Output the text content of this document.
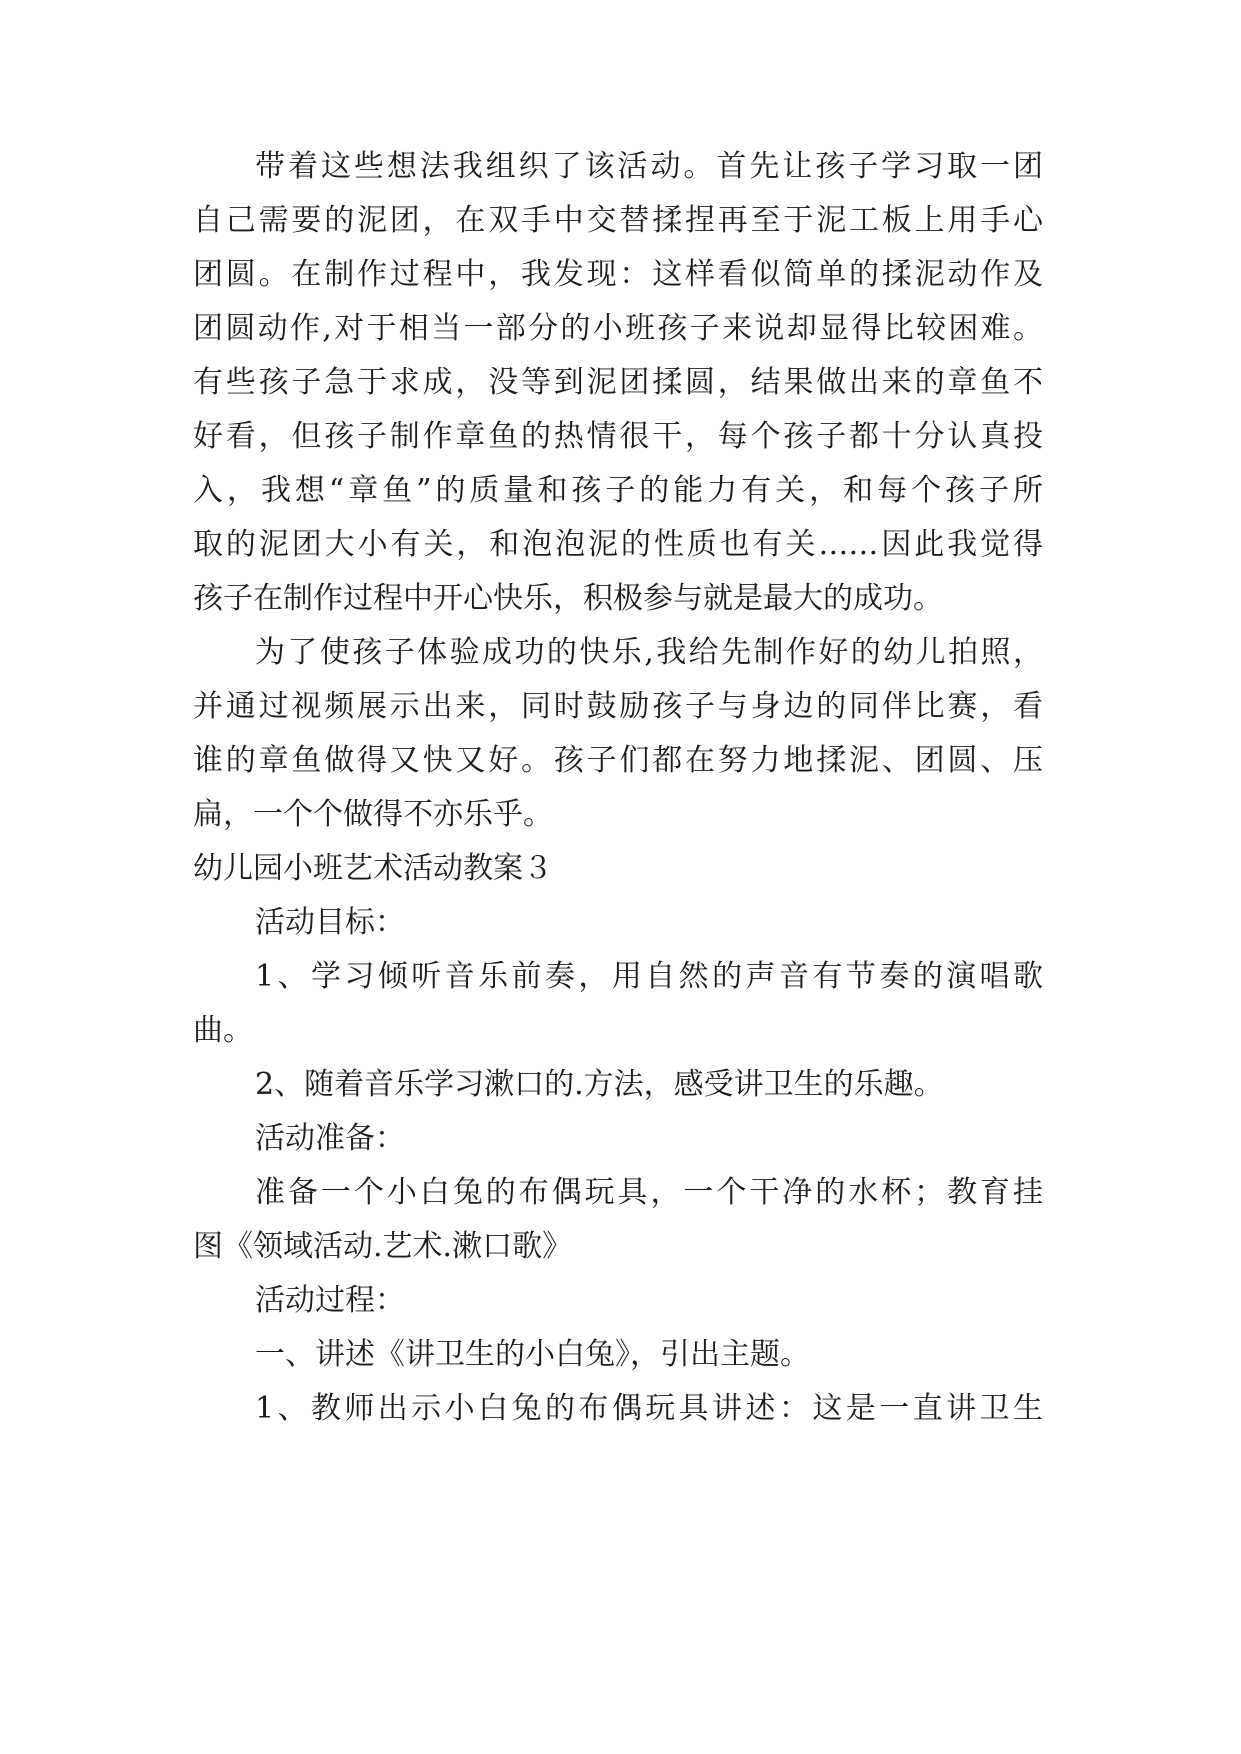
带着这些想法我组织了该活动。首先让孩子学习取一团
自己需要的泥团，在双手中交替揉捏再至于泥工板上用手心
团圆。在制作过程中，我发现：这样看似简单的揉泥动作及
团圆动作,对于相当一部分的小班孩子来说却显得比较困难。
有些孩子急于求成，没等到泥团揉圆，结果做出来的章鱼不
好看，但孩子制作章鱼的热情很干，每个孩子都十分认真投
入，我想“章鱼”的质量和孩子的能力有关，和每个孩子所
取的泥团大小有关，和泡泡泥的性质也有关……因此我觉得
孩子在制作过程中开心快乐，积极参与就是最大的成功。
为了使孩子体验成功的快乐,我给先制作好的幼儿拍照，
并通过视频展示出来，同时鼓励孩子与身边的同伴比赛，看
谁的章鱼做得又快又好。孩子们都在努力地揉泥、团圆、压
扁，一个个做得不亦乐乎。
幼儿园小班艺术活动教案３
活动目标：
1、学习倾听音乐前奏，用自然的声音有节奏的演唱歌
曲。
2、随着音乐学习漱口的.方法，感受讲卫生的乐趣。
活动准备：
准备一个小白兔的布偶玩具，一个干净的水杯；教育挂
图《领域活动.艺术.漱口歌》
活动过程：
一、讲述《讲卫生的小白兔》，引出主题。
1、教师出示小白兔的布偶玩具讲述：这是一直讲卫生
